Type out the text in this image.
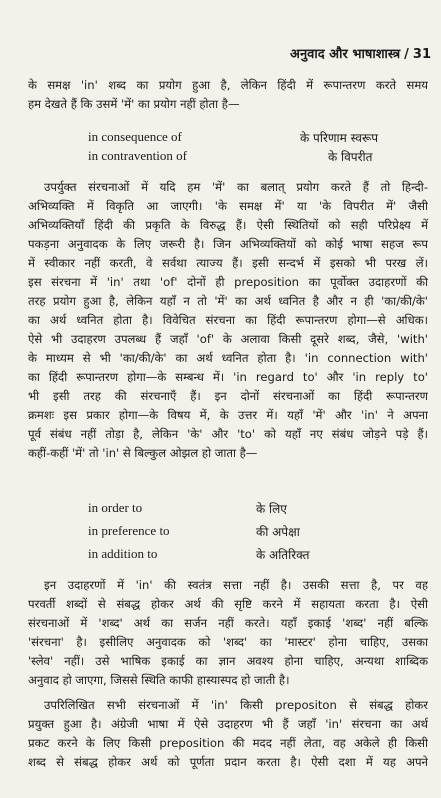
अनुवाद और भाषाशास्त्र / 31
के समक्ष 'in' शब्द का प्रयोग हुआ है, लेकिन हिंदी में रूपान्तरण करते समय
हम देखते हैं कि उसमें 'में' का प्रयोग नहीं होता है—
in consequence of	के परिणाम स्वरूप
in contravention of	के विपरीत
उपर्युक्त संरचनाओं में यदि हम 'में' का बलात् प्रयोग करते हैं तो हिन्दी-
अभिव्यक्ति में विकृति आ जाएगी। 'के समक्ष में' या 'के विपरीत में' जैसी
अभिव्यक्तियाँ हिंदी की प्रकृति के विरुद्ध हैं। ऐसी स्थितियों को सही परिप्रेक्ष्य में
पकड़ना अनुवादक के लिए जरूरी है। जिन अभिव्यक्तियों को कोई भाषा सहज रूप
में स्वीकार नहीं करती, वे सर्वथा त्याज्य हैं। इसी सन्दर्भ में इसको भी परख लें।
इस संरचना में 'in' तथा 'of' दोनों ही preposition का पूर्वोक्त उदाहरणों की
तरह प्रयोग हुआ है, लेकिन यहाँ न तो 'में' का अर्थ ध्वनित है और न ही 'का/की/के'
का अर्थ ध्वनित होता है। विवेचित संरचना का हिंदी रूपान्तरण होगा—से अधिक।
ऐसे भी उदाहरण उपलब्ध हैं जहाँ 'of' के अलावा किसी दूसरे शब्द, जैसे, 'with'
के माध्यम से भी 'का/की/के' का अर्थ ध्वनित होता है। 'in connection with'
का हिंदी रूपान्तरण होगा—के सम्बन्ध में। 'in regard to' और 'in reply to'
भी इसी तरह की संरचनाएँ हैं। इन दोनों संरचनाओं का हिंदी रूपान्तरण
क्रमशः इस प्रकार होगा—के विषय में, के उत्तर में। यहाँ 'में' और 'in' ने अपना
पूर्व संबंध नहीं तोड़ा है, लेकिन 'के' और 'to' को यहाँ नए संबंध जोड़ने पड़े हैं।
कहीं-कहीं 'में' तो 'in' से बिल्कुल ओझल हो जाता है—
in order to	के लिए
in preference to	की अपेक्षा
in addition to	के अतिरिक्त
इन उदाहरणों में 'in' की स्वतंत्र सत्ता नहीं है। उसकी सत्ता है, पर वह
परवर्ती शब्दों से संबद्ध होकर अर्थ की सृष्टि करने में सहायता करता है। ऐसी
संरचनाओं में 'शब्द' अर्थ का सर्जन नहीं करते। यहाँ इकाई 'शब्द' नहीं बल्कि
'संरचना' है। इसीलिए अनुवादक को 'शब्द' का 'मास्टर' होना चाहिए, उसका
'स्लेव' नहीं। उसे भाषिक इकाई का ज्ञान अवश्य होना चाहिए, अन्यथा शाब्दिक
अनुवाद हो जाएगा, जिससे स्थिति काफी हास्यास्पद हो जाती है।
उपरिलिखित सभी संरचनाओं में 'in' किसी prepositon से संबद्ध होकर
प्रयुक्त हुआ है। अंग्रेजी भाषा में ऐसे उदाहरण भी हैं जहाँ 'in' संरचना का अर्थ
प्रकट करने के लिए किसी preposition की मदद नहीं लेता, वह अकेले ही किसी
शब्द से संबद्ध होकर अर्थ को पूर्णता प्रदान करता है। ऐसी दशा में यह अपने
